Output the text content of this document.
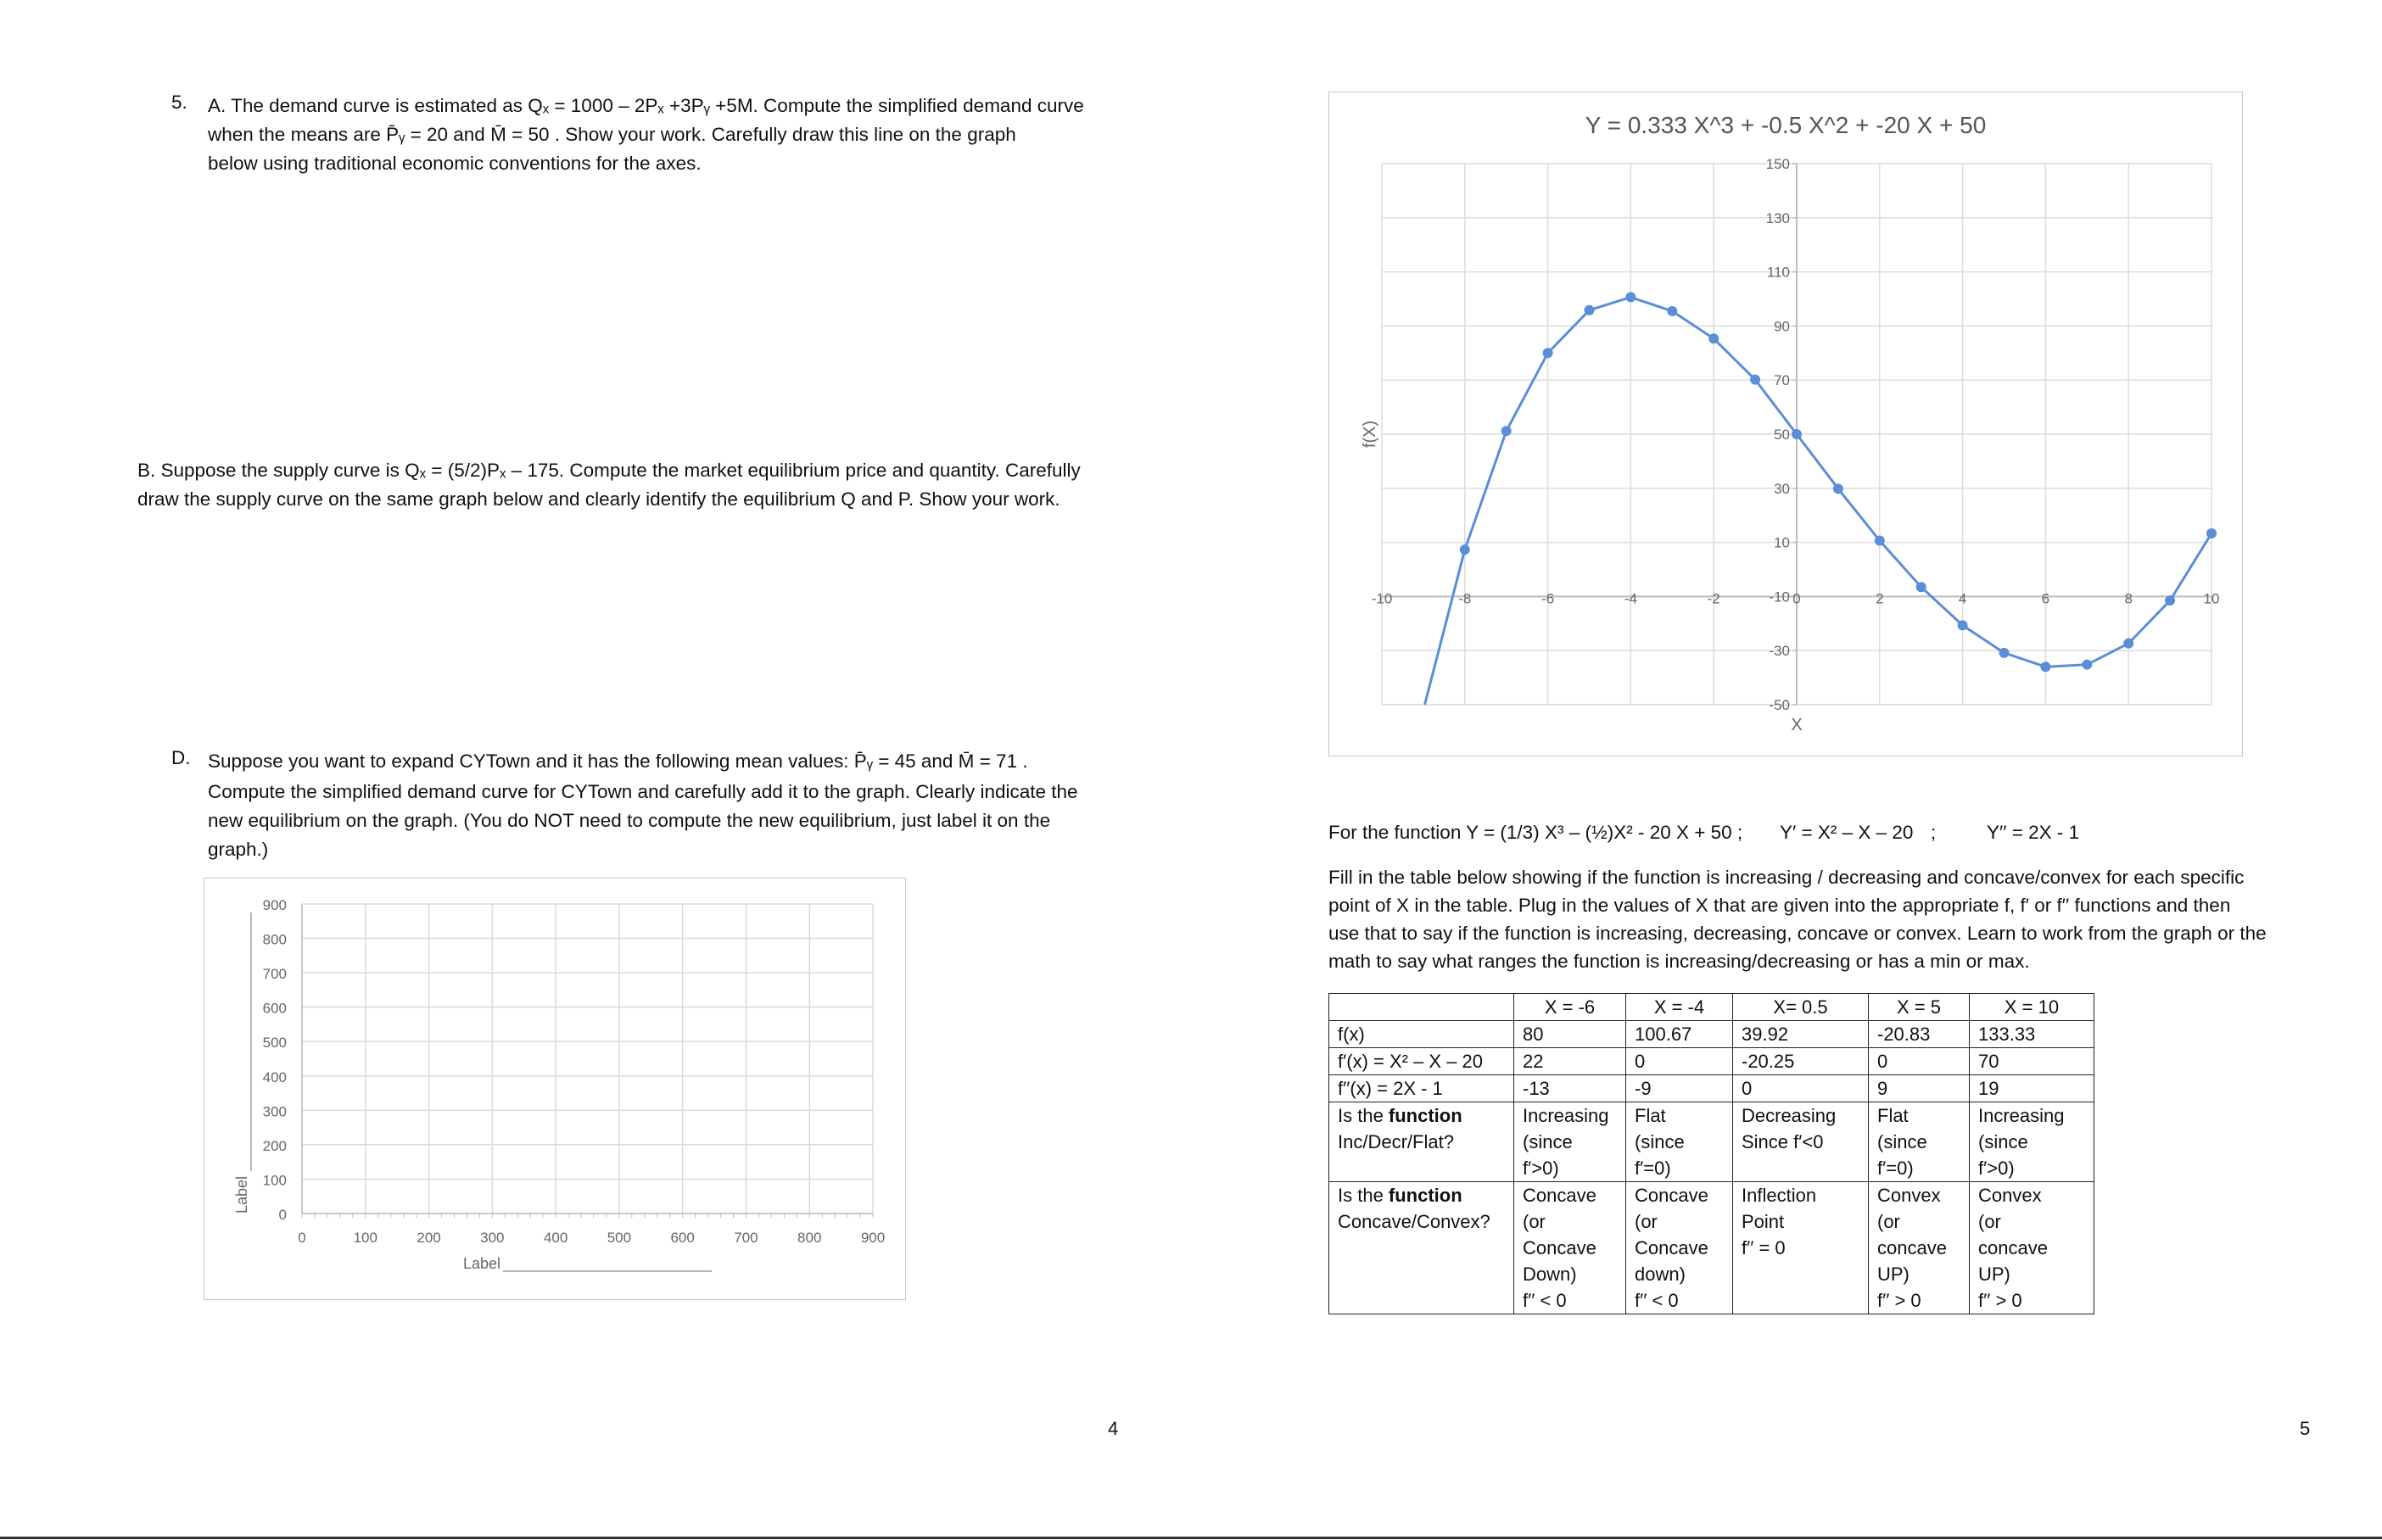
5. A. The demand curve is estimated as Qₓ = 1000 – 2Pₓ +3Pᵧ +5M. Compute the simplified demand curve
when the means are P̄ᵧ = 20 and M̄ = 50 . Show your work. Carefully draw this line on the graph
below using traditional economic conventions for the axes.
B. Suppose the supply curve is Qₓ = (5/2)Pₓ – 175. Compute the market equilibrium price and quantity. Carefully
draw the supply curve on the same graph below and clearly identify the equilibrium Q and P. Show your work.
D. Suppose you want to expand CYTown and it has the following mean values: P̄ᵧ = 45 and M̄ = 71 .
Compute the simplified demand curve for CYTown and carefully add it to the graph. Clearly indicate the
new equilibrium on the graph. (You do NOT need to compute the new equilibrium, just label it on the
graph.)
0
100
200
300
400
500
600
700
800
900
0	100	200	300	400	500	600	700	800	900
Label
Label
4
Y = 0.333 X^3 + -0.5 X^2 + -20 X + 50
150
130
110
90
70
50
30
10
-10
-30
-50
-10	-8	-6	-4	-2	0	2	4	6	8	10
X
f(X)
For the function Y = (1/3) X³ – (½)X² - 20 X + 50 ; Y′ = X² – X – 20 ;	Y′′ = 2X - 1
Fill in the table below showing if the function is increasing / decreasing and concave/convex for each specific
point of X in the table. Plug in the values of X that are given into the appropriate f, f′ or f′′ functions and then
use that to say if the function is increasing, decreasing, concave or convex. Learn to work from the graph or the
math to say what ranges the function is increasing/decreasing or has a min or max.
	X = -6	X = -4	X= 0.5	X = 5	X = 10

f(x)	80	100.67	39.92	-20.83	133.33

f′(x) = X² – X – 20	22	0	-20.25	0	70

f′′(x) = 2X - 1	-13	-9	0	9	19

Is the function
Inc/Decr/Flat?	Increasing
(since
f′>0)	Flat
(since
f′=0)	Decreasing
Since f′<0	Flat
(since
f′=0)	Increasing
(since
f′>0)

Is the function
Concave/Convex?	Concave
(or
Concave
Down)
f′′ < 0	Concave
(or
Concave
down)
f′′ < 0	Inflection
Point
f′′ = 0	Convex
(or
concave
UP)
f′′ > 0	Convex
(or
concave
UP)
f′′ > 0
5
